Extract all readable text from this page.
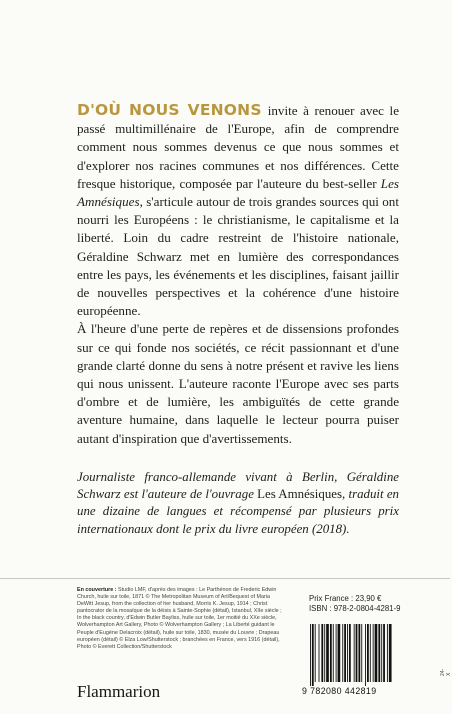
D'OÙ NOUS VENONS invite à renouer avec le passé multimillénaire de l'Europe, afin de comprendre comment nous sommes devenus ce que nous sommes et d'explorer nos racines communes et nos différences. Cette fresque historique, composée par l'auteure du best-seller Les Amnésiques, s'articule autour de trois grandes sources qui ont nourri les Européens : le christianisme, le capitalisme et la liberté. Loin du cadre restreint de l'histoire nationale, Géraldine Schwarz met en lumière des correspondances entre les pays, les événements et les disciplines, faisant jaillir de nouvelles perspectives et la cohérence d'une histoire européenne.

À l'heure d'une perte de repères et de dissensions profondes sur ce qui fonde nos sociétés, ce récit passionnant et d'une grande clarté donne du sens à notre présent et ravive les liens qui nous unissent. L'auteure raconte l'Europe avec ses parts d'ombre et de lumière, les ambiguïtés de cette grande aventure humaine, dans laquelle le lecteur pourra puiser autant d'inspiration que d'avertissements.

Journaliste franco-allemande vivant à Berlin, Géraldine Schwarz est l'auteure de l'ouvrage Les Amnésiques, traduit en une dizaine de langues et récompensé par plusieurs prix internationaux dont le prix du livre européen (2018).
En couverture : Studio LMF, d'après des images : Le Parthénon de Frederic Edwin Church, huile sur toile, 1871 © The Metropolitan Museum of Art/Bequest of Maria DeWitt Jesup, from the collection of her husband, Morris K. Jesup, 1914 ; Christ pantocrator de la mosaïque de la déisis à Sainte-Sophie (détail), Istanbul, XIIe siècle ; In the black country, d'Edwin Butler Bayliss, huile sur toile, 1er moitié du XXe siècle, Wolverhampton Art Gallery, Photo © Wolverhampton Gallery ; La Liberté guidant le Peuple d'Eugène Delacroix (détail), huile sur toile, 1830, musée du Louvre ; Drapeau européen (détail) © Elza Low/Shutterstock ; branchées en France, vers 1916 (détail), Photo © Everett Collection/Shutterstock
Flammarion
Prix France : 23,90 €
ISBN : 978-2-0804-4281-9
9 782080 442819
24-X
